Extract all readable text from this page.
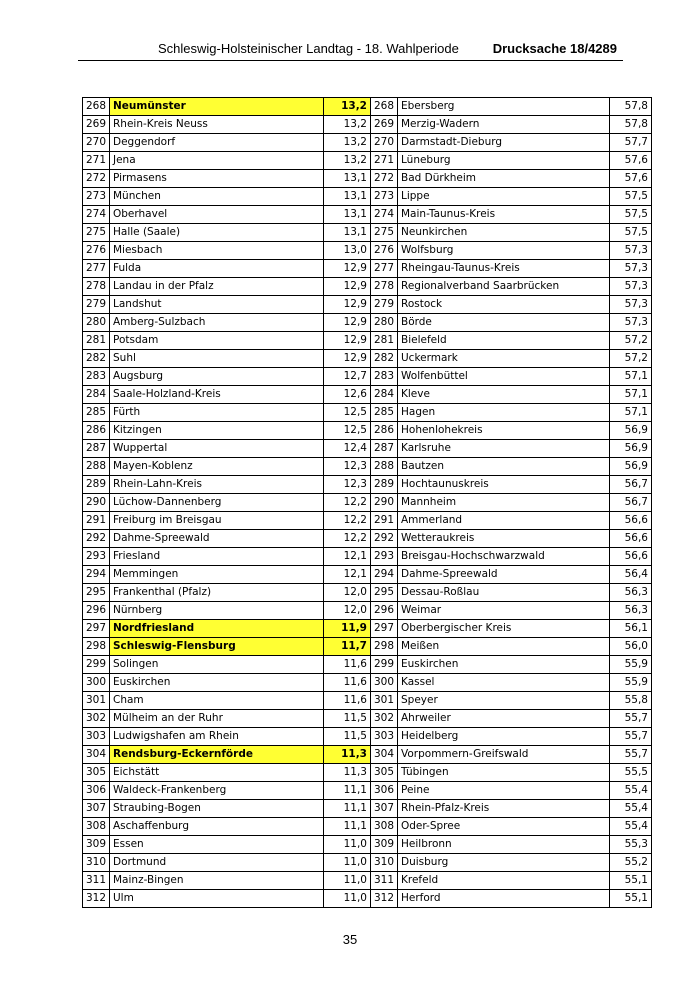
Schleswig-Holsteinischer Landtag - 18. Wahlperiode	Drucksache 18/4289
268	Neumünster	13,2	268	Ebersberg	57,8
269	Rhein-Kreis Neuss	13,2	269	Merzig-Wadern	57,8
270	Deggendorf	13,2	270	Darmstadt-Dieburg	57,7
271	Jena	13,2	271	Lüneburg	57,6
272	Pirmasens	13,1	272	Bad Dürkheim	57,6
273	München	13,1	273	Lippe	57,5
274	Oberhavel	13,1	274	Main-Taunus-Kreis	57,5
275	Halle (Saale)	13,1	275	Neunkirchen	57,5
276	Miesbach	13,0	276	Wolfsburg	57,3
277	Fulda	12,9	277	Rheingau-Taunus-Kreis	57,3
278	Landau in der Pfalz	12,9	278	Regionalverband Saarbrücken	57,3
279	Landshut	12,9	279	Rostock	57,3
280	Amberg-Sulzbach	12,9	280	Börde	57,3
281	Potsdam	12,9	281	Bielefeld	57,2
282	Suhl	12,9	282	Uckermark	57,2
283	Augsburg	12,7	283	Wolfenbüttel	57,1
284	Saale-Holzland-Kreis	12,6	284	Kleve	57,1
285	Fürth	12,5	285	Hagen	57,1
286	Kitzingen	12,5	286	Hohenlohekreis	56,9
287	Wuppertal	12,4	287	Karlsruhe	56,9
288	Mayen-Koblenz	12,3	288	Bautzen	56,9
289	Rhein-Lahn-Kreis	12,3	289	Hochtaunuskreis	56,7
290	Lüchow-Dannenberg	12,2	290	Mannheim	56,7
291	Freiburg im Breisgau	12,2	291	Ammerland	56,6
292	Dahme-Spreewald	12,2	292	Wetteraukreis	56,6
293	Friesland	12,1	293	Breisgau-Hochschwarzwald	56,6
294	Memmingen	12,1	294	Dahme-Spreewald	56,4
295	Frankenthal (Pfalz)	12,0	295	Dessau-Roßlau	56,3
296	Nürnberg	12,0	296	Weimar	56,3
297	Nordfriesland	11,9	297	Oberbergischer Kreis	56,1
298	Schleswig-Flensburg	11,7	298	Meißen	56,0
299	Solingen	11,6	299	Euskirchen	55,9
300	Euskirchen	11,6	300	Kassel	55,9
301	Cham	11,6	301	Speyer	55,8
302	Mülheim an der Ruhr	11,5	302	Ahrweiler	55,7
303	Ludwigshafen am Rhein	11,5	303	Heidelberg	55,7
304	Rendsburg-Eckernförde	11,3	304	Vorpommern-Greifswald	55,7
305	Eichstätt	11,3	305	Tübingen	55,5
306	Waldeck-Frankenberg	11,1	306	Peine	55,4
307	Straubing-Bogen	11,1	307	Rhein-Pfalz-Kreis	55,4
308	Aschaffenburg	11,1	308	Oder-Spree	55,4
309	Essen	11,0	309	Heilbronn	55,3
310	Dortmund	11,0	310	Duisburg	55,2
311	Mainz-Bingen	11,0	311	Krefeld	55,1
312	Ulm	11,0	312	Herford	55,1
35
